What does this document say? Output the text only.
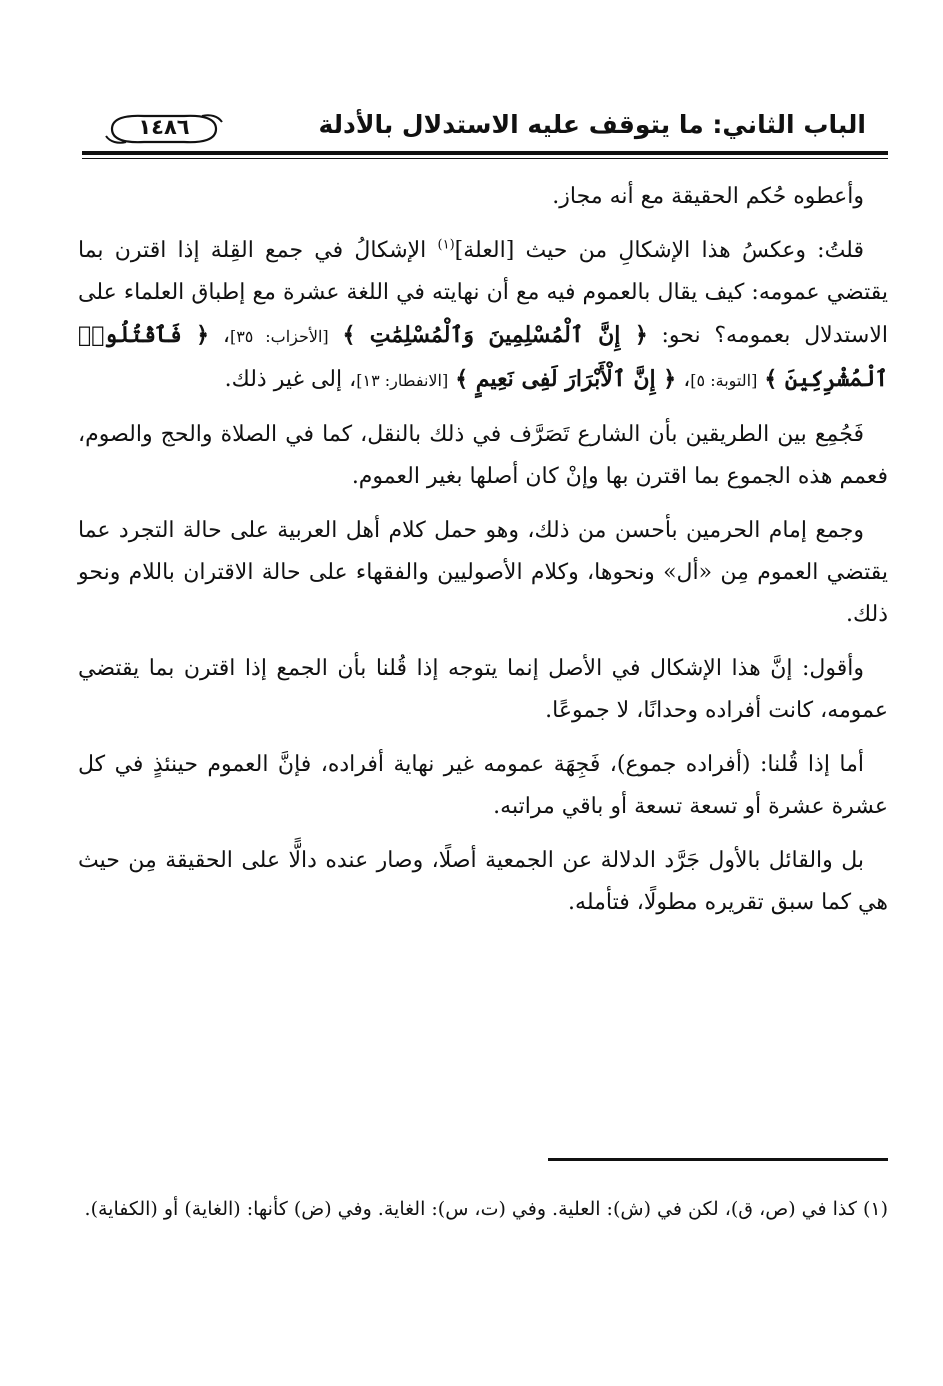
الباب الثاني: ما يتوقف عليه الاستدلال بالأدلة
١٤٨٦

وأعطوه حُكم الحقيقة مع أنه مجاز.

قلتُ: وعكسُ هذا الإشكالِ من حيث [العلة]$^{(١)}$ الإشكالُ في جمع القِلة إذا اقترن بما يقتضي عمومه: كيف يقال بالعموم فيه مع أن نهايته في اللغة عشرة مع إطباق العلماء على الاستدلال بعمومه؟ نحو: ﴿ إِنَّ ٱلْمُسْلِمِينَ وَٱلْمُسْلِمَٰتِ ﴾ [الأحزاب: ٣٥]، ﴿ فَٱقْتُلُوا۟ ٱلْمُشْرِكِينَ ﴾ [التوبة: ٥]، ﴿ إِنَّ ٱلْأَبْرَارَ لَفِى نَعِيمٍ ﴾ [الانفطار: ١٣]، إلى غير ذلك.

فَجُمِع بين الطريقين بأن الشارع تَصَرَّف في ذلك بالنقل، كما في الصلاة والحج والصوم، فعمم هذه الجموع بما اقترن بها وإنْ كان أصلها بغير العموم.

وجمع إمام الحرمين بأحسن من ذلك، وهو حمل كلام أهل العربية على حالة التجرد عما يقتضي العموم مِن «أل» ونحوها، وكلام الأصوليين والفقهاء على حالة الاقتران باللام ونحو ذلك.

وأقول: إنَّ هذا الإشكال في الأصل إنما يتوجه إذا قُلنا بأن الجمع إذا اقترن بما يقتضي عمومه، كانت أفراده وحدانًا، لا جموعًا.

أما إذا قُلنا: (أفراده جموع)، فَجِهَة عمومه غير نهاية أفراده، فإنَّ العموم حينئذٍ في كل عشرة عشرة أو تسعة تسعة أو باقي مراتبه.

بل والقائل بالأول جَرَّد الدلالة عن الجمعية أصلًا، وصار عنده دالًّا على الحقيقة مِن حيث هي كما سبق تقريره مطولًا، فتأمله.

(١) كذا في (ص، ق)، لكن في (ش): العلية. وفي (ت، س): الغاية. وفي (ض) كأنها: (الغاية) أو (الكفاية).
